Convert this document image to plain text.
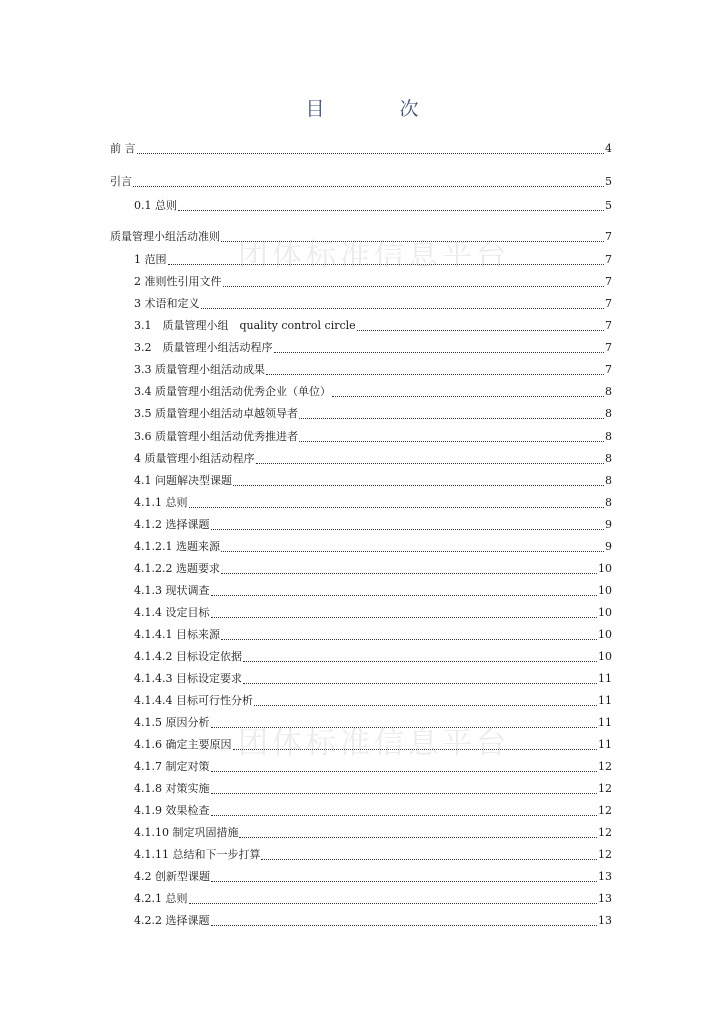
目　次
团体标准信息平台
团体标准信息平台
前 言	4
引言	5
0.1 总则	5
质量管理小组活动准则	7
1 范围	7
2 准则性引用文件	7
3 术语和定义	7
3.1　质量管理小组　quality control circle	7
3.2　质量管理小组活动程序	7
3.3 质量管理小组活动成果	7
3.4 质量管理小组活动优秀企业（单位）	8
3.5 质量管理小组活动卓越领导者	8
3.6 质量管理小组活动优秀推进者	8
4 质量管理小组活动程序	8
4.1 问题解决型课题	8
4.1.1 总则	8
4.1.2 选择课题	9
4.1.2.1 选题来源	9
4.1.2.2 选题要求	10
4.1.3 现状调查	10
4.1.4 设定目标	10
4.1.4.1 目标来源	10
4.1.4.2 目标设定依据	10
4.1.4.3 目标设定要求	11
4.1.4.4 目标可行性分析	11
4.1.5 原因分析	11
4.1.6 确定主要原因	11
4.1.7 制定对策	12
4.1.8 对策实施	12
4.1.9 效果检查	12
4.1.10 制定巩固措施	12
4.1.11 总结和下一步打算	12
4.2 创新型课题	13
4.2.1 总则	13
4.2.2 选择课题	13
